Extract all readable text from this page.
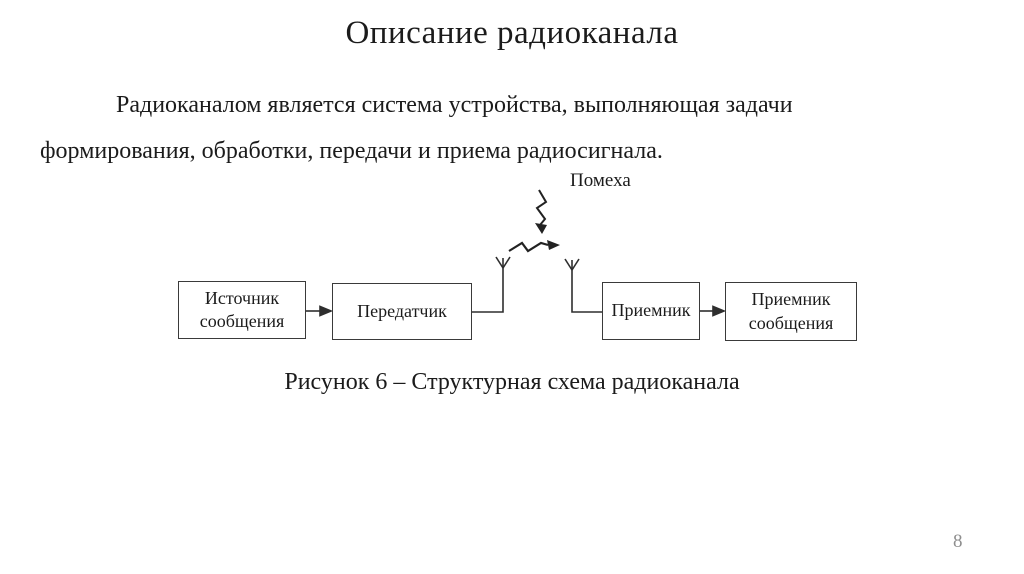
Описание радиоканала
Радиоканалом является система устройства, выполняющая задачи
формирования, обработки, передачи и приема радиосигнала.
Источник
сообщения
Передатчик	Приемник
Приемник
сообщения
Помеха
Рисунок 6 – Структурная схема радиоканала
8
